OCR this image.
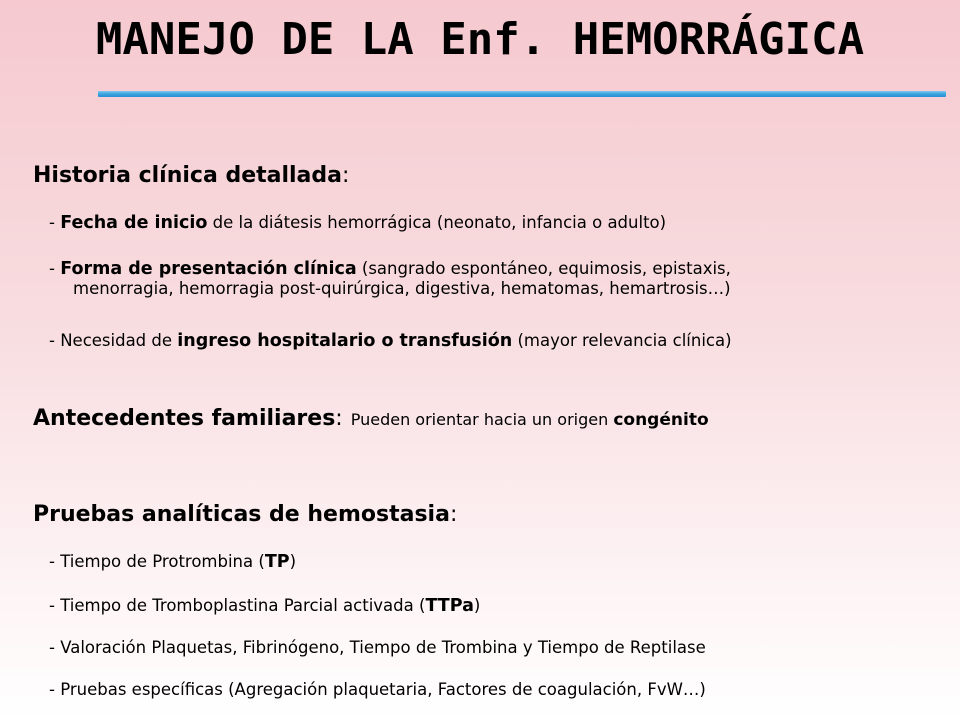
MANEJO DE LA Enf. HEMORRÁGICA
Historia clínica detallada:
- Fecha de inicio de la diátesis hemorrágica (neonato, infancia o adulto)
- Forma de presentación clínica (sangrado espontáneo, equimosis, epistaxis,
menorragia, hemorragia post-quirúrgica, digestiva, hematomas, hemartrosis…)
- Necesidad de ingreso hospitalario o transfusión (mayor relevancia clínica)
Antecedentes familiares: Pueden orientar hacia un origen congénito
Pruebas analíticas de hemostasia:
- Tiempo de Protrombina (TP)
- Tiempo de Tromboplastina Parcial activada (TTPa)
- Valoración Plaquetas, Fibrinógeno, Tiempo de Trombina y Tiempo de Reptilase
- Pruebas específicas (Agregación plaquetaria, Factores de coagulación, FvW…)
